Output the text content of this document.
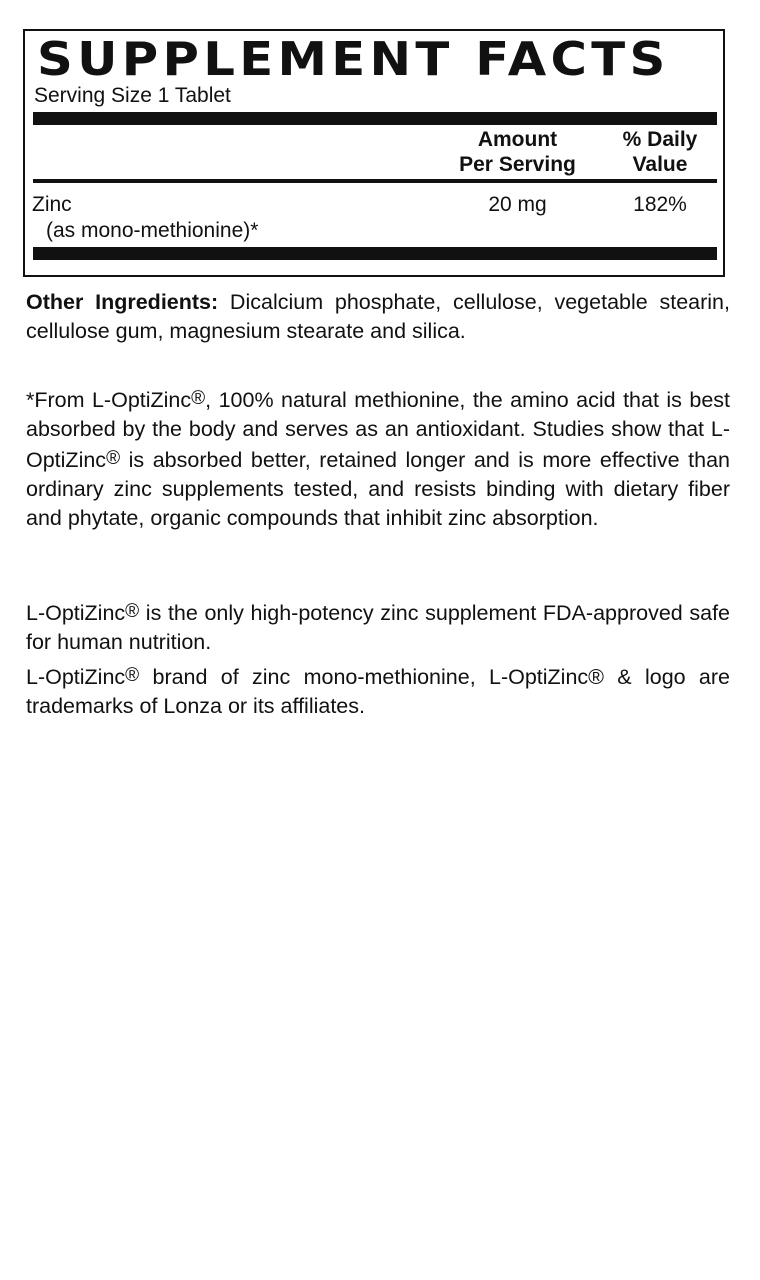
SUPPLEMENT FACTS
Serving Size 1 Tablet
Amount
Per Serving
% Daily
Value
Zinc
(as mono-methionine)*
20 mg	182%

Other Ingredients: Dicalcium phosphate, cellulose, vegetable stearin, cellulose gum, magnesium stearate and silica.

*From L-OptiZinc®, 100% natural methionine, the amino acid that is best absorbed by the body and serves as an antioxidant. Studies show that L-OptiZinc® is absorbed better, retained longer and is more effective than ordinary zinc supplements tested, and resists binding with dietary fiber and phytate, organic compounds that inhibit zinc absorption.

L-OptiZinc® is the only high-potency zinc supplement FDA-approved safe for human nutrition.

L-OptiZinc® brand of zinc mono-methionine, L-OptiZinc® & logo are trademarks of Lonza or its affiliates.
